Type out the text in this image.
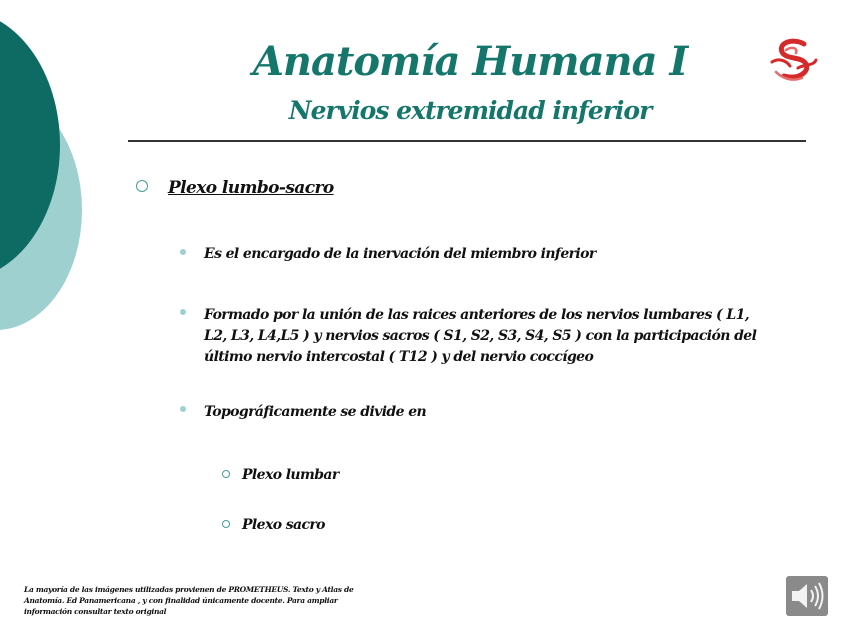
Anatomía Humana I
Nervios extremidad inferior

Plexo lumbo-sacro

Es el encargado de la inervación del miembro inferior

Formado por la unión de las raices anteriores de los nervios lumbares ( L1, L2, L3, L4,L5 ) y nervios sacros ( S1, S2, S3, S4, S5 ) con la participación del último nervio intercostal ( T12 ) y del nervio coccígeo

Topográficamente se divide en

Plexo lumbar

Plexo sacro

La mayoría de las imágenes utilizadas provienen de PROMETHEUS. Texto y Atlas de Anatomía. Ed Panamericana , y con finalidad únicamente docente. Para ampliar información consultar texto original
